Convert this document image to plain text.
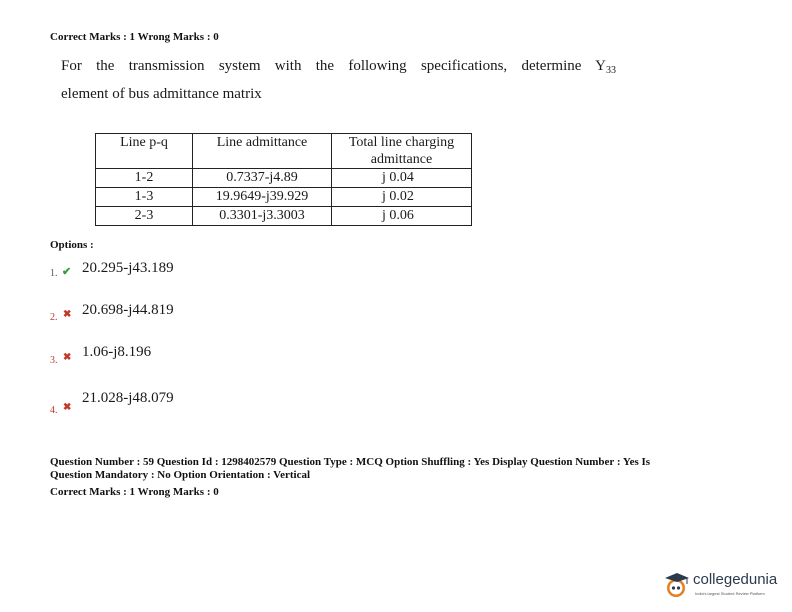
Correct Marks : 1 Wrong Marks : 0
For the transmission system with the following specifications, determine $Y_{33}$
element of bus admittance matrix
Line p-q	Line admittance	Total line charging
admittance
1-2	0.7337-j4.89	j 0.04
1-3	19.9649-j39.929	j 0.02
2-3	0.3301-j3.3003	j 0.06
Options :
1. ✔ 20.295-j43.189
2. ✖ 20.698-j44.819
3. ✖ 1.06-j8.196
4. ✖
21.028-j48.079
Question Number : 59 Question Id : 1298402579 Question Type : MCQ Option Shuffling : Yes Display Question Number : Yes Is
Question Mandatory : No Option Orientation : Vertical
Correct Marks : 1 Wrong Marks : 0
collegedunia
India's largest Student Review Platform
